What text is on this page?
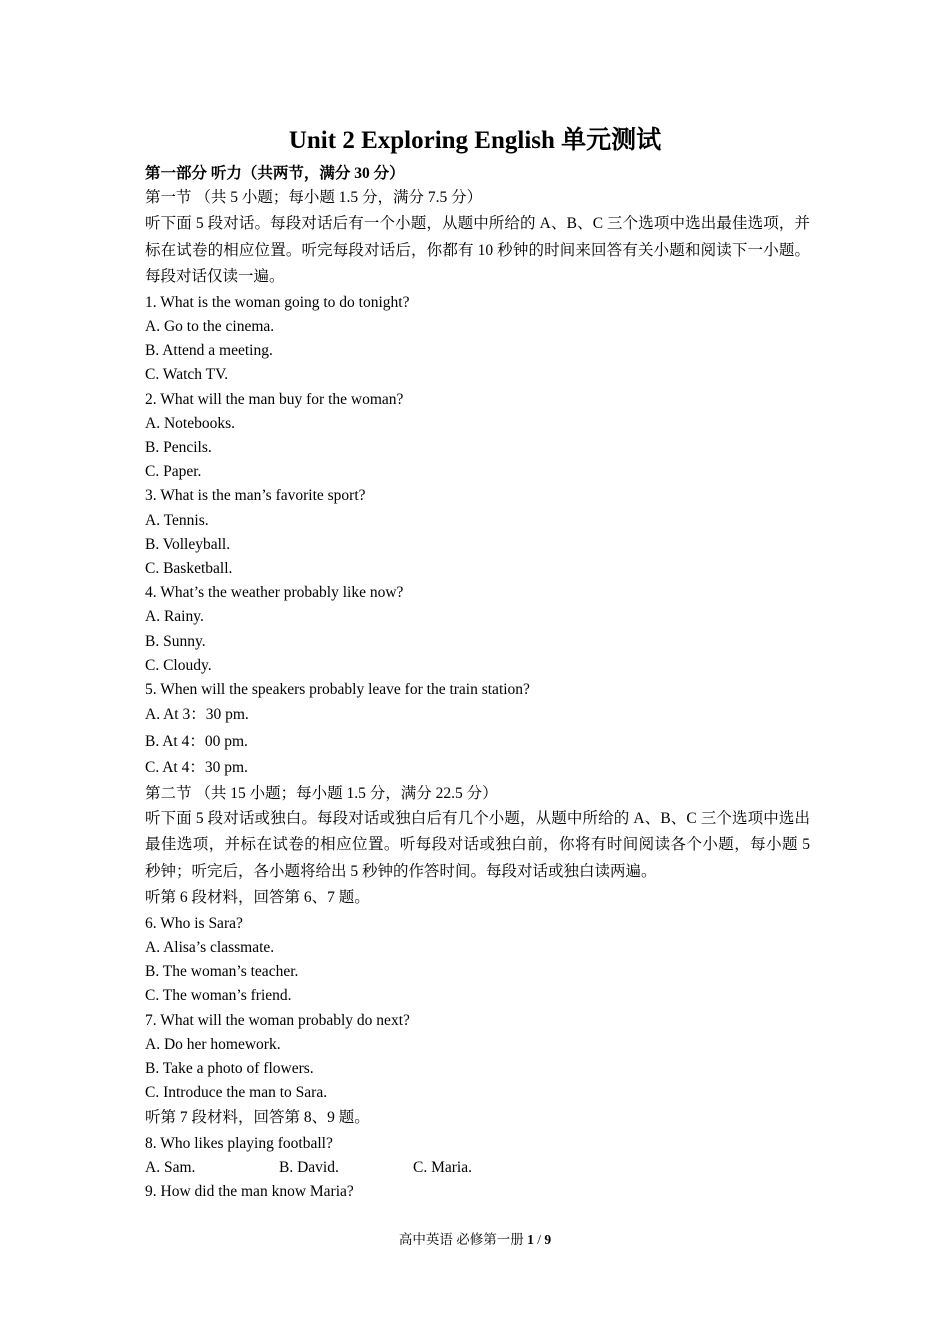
Unit 2 Exploring English 单元测试
第一部分 听力（共两节，满分 30 分）
第一节 （共 5 小题；每小题 1.5 分，满分 7.5 分）

听下面 5 段对话。每段对话后有一个小题，从题中所给的 A、B、C 三个选项中选出最佳选项，并标在试卷的相应位置。听完每段对话后，你都有 10 秒钟的时间来回答有关小题和阅读下一小题。每段对话仅读一遍。

1. What is the woman going to do tonight?
A. Go to the cinema.
B. Attend a meeting.
C. Watch TV.
2. What will the man buy for the woman?
A. Notebooks.
B. Pencils.
C. Paper.
3. What is the man’s favorite sport?
A. Tennis.
B. Volleyball.
C. Basketball.
4. What’s the weather probably like now?
A. Rainy.
B. Sunny.
C. Cloudy.
5. When will the speakers probably leave for the train station?
A. At 3：30 pm.
B. At 4：00 pm.
C. At 4：30 pm.
第二节 （共 15 小题；每小题 1.5 分，满分 22.5 分）

听下面 5 段对话或独白。每段对话或独白后有几个小题，从题中所给的 A、B、C 三个选项中选出最佳选项，并标在试卷的相应位置。听每段对话或独白前，你将有时间阅读各个小题，每小题 5 秒钟；听完后，各小题将给出 5 秒钟的作答时间。每段对话或独白读两遍。

听第 6 段材料，回答第 6、7 题。
6. Who is Sara?
A. Alisa’s classmate.
B. The woman’s teacher.
C. The woman’s friend.
7. What will the woman probably do next?
A. Do her homework.
B. Take a photo of flowers.
C. Introduce the man to Sara.
听第 7 段材料，回答第 8、9 题。
8. Who likes playing football?
A. Sam.	B. David.	C. Maria.
9. How did the man know Maria?
高中英语 必修第一册 1 / 9
